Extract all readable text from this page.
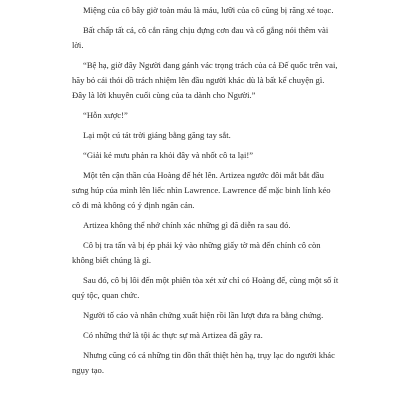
Miệng của cô bây giờ toàn máu là máu, lưỡi của cô cũng bị răng xé toạc.

Bất chấp tất cả, cô cắn răng chịu đựng cơn đau và cố gắng nói thêm vài lời.

“Bệ hạ, giờ đây Người đang gánh vác trọng trách của cả Đế quốc trên vai, hãy bỏ cái thói dồ trách nhiệm lên đầu người khác dù là bất kể chuyện gì. Đây là lời khuyên cuối cùng của ta dành cho Người.”

“Hỗn xược!”

Lại một cú tát trời giáng bằng găng tay sắt.

“Giải kẻ mưu phản ra khỏi đây và nhốt cô ta lại!”

Một tên cận thần của Hoàng đế hét lên. Artizea ngước đôi mắt bắt đầu sưng húp của mình lên liếc nhìn Lawrence. Lawrence để mặc binh lính kéo cô đi mà không có ý định ngăn cản.

Artizea không thể nhớ chính xác những gì đã diễn ra sau đó.

Cô bị tra tấn và bị ép phải ký vào những giấy tờ mà đến chính cô còn không biết chúng là gì.

Sau đó, cô bị lôi đến một phiên tòa xét xử chỉ có Hoàng đế, cùng một số ít quý tộc, quan chức.

Người tố cáo và nhân chứng xuất hiện rồi lần lượt đưa ra bằng chứng.

Có những thứ là tội ác thực sự mà Artizea đã gây ra.

Nhưng cũng có cả những tin đồn thất thiệt hèn hạ, trụy lạc do người khác ngụy tạo.
